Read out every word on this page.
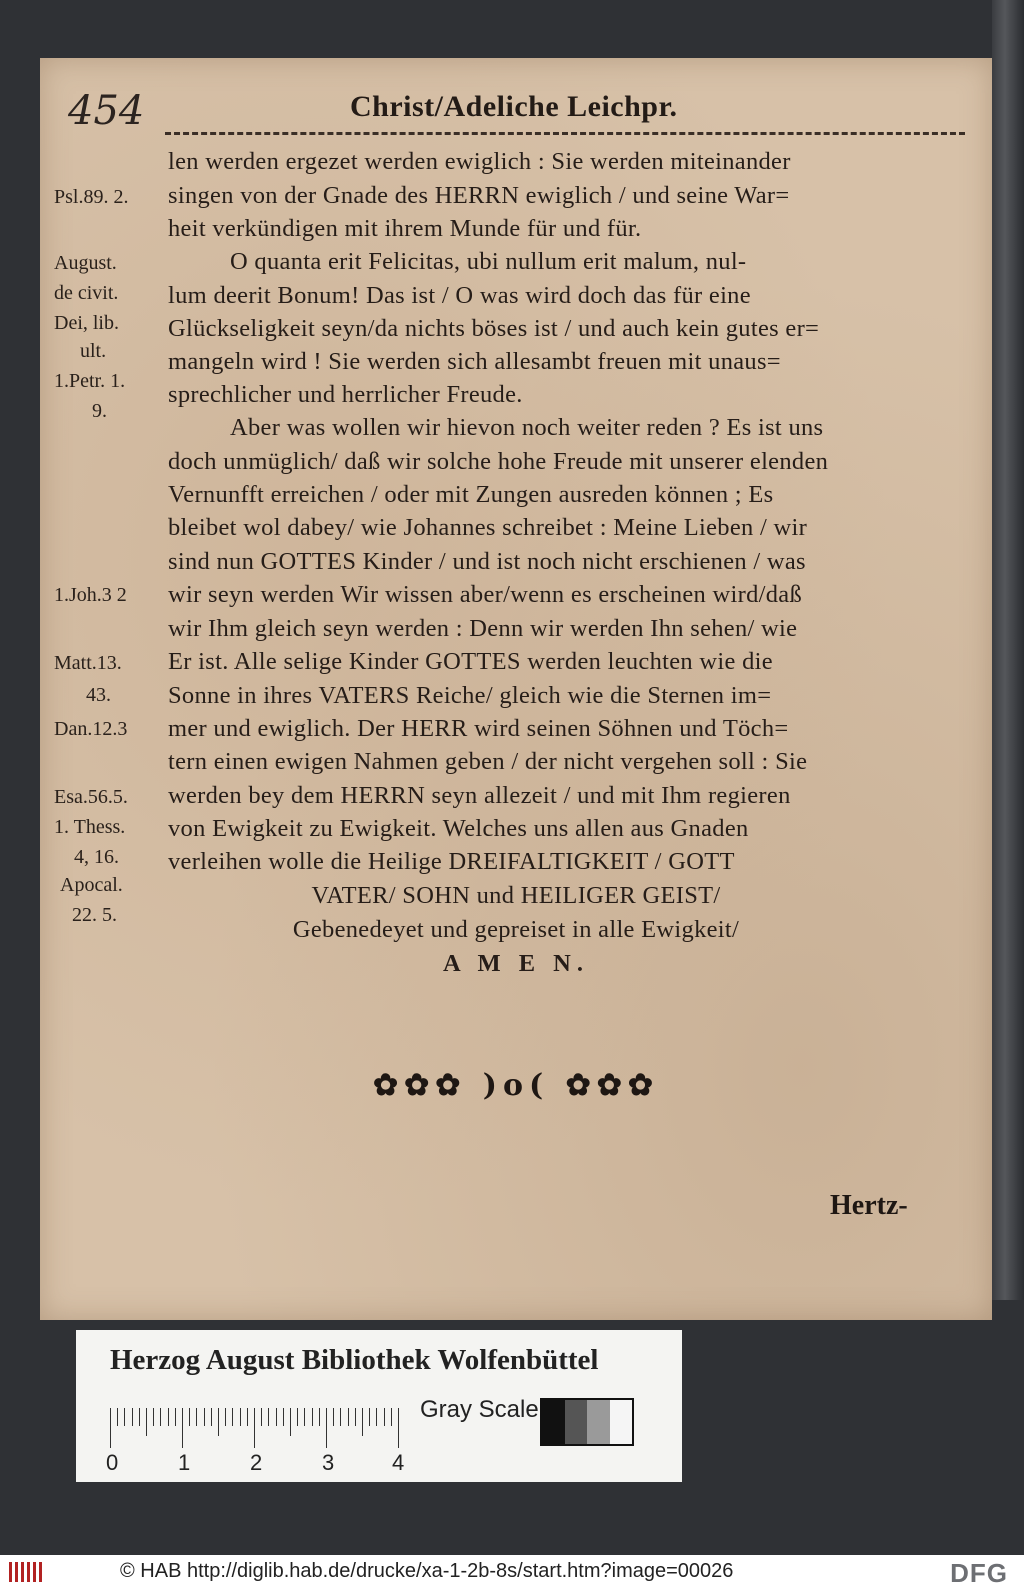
454	Christ/Adeliche Leichpr.
len werden ergezet werden ewiglich : Sie werden miteinander
singen von der Gnade des HERRN ewiglich / und seine War=
heit verkündigen mit ihrem Munde für und für.
O quanta erit Felicitas, ubi nullum erit malum, nul-
lum deerit Bonum! Das ist / O was wird doch das für eine
Glückseligkeit seyn/da nichts böses ist / und auch kein gutes er=
mangeln wird ! Sie werden sich allesambt freuen mit unaus=
sprechlicher und herrlicher Freude.
Aber was wollen wir hievon noch weiter reden ? Es ist uns
doch unmüglich/ daß wir solche hohe Freude mit unserer elenden
Vernunfft erreichen / oder mit Zungen ausreden können ; Es
bleibet wol dabey/ wie Johannes schreibet : Meine Lieben / wir
sind nun GOTTES Kinder / und ist noch nicht erschienen / was
wir seyn werden Wir wissen aber/wenn es erscheinen wird/daß
wir Ihm gleich seyn werden : Denn wir werden Ihn sehen/ wie
Er ist. Alle selige Kinder GOTTES werden leuchten wie die
Sonne in ihres VATERS Reiche/ gleich wie die Sternen im=
mer und ewiglich. Der HERR wird seinen Söhnen und Töch=
tern einen ewigen Nahmen geben / der nicht vergehen soll : Sie
werden bey dem HERRN seyn allezeit / und mit Ihm regieren
von Ewigkeit zu Ewigkeit. Welches uns allen aus Gnaden
verleihen wolle die Heilige DREIFALTIGKEIT / GOTT
VATER/ SOHN und HEILIGER GEIST/
Gebenedeyet und gepreiset in alle Ewigkeit/
A M E N.
Psl.89. 2.
August.
de civit.
Dei, lib.
ult.
1.Petr. 1.
9.
1.Joh.3 2
Matt.13.
43.
Dan.12.3
Esa.56.5.
1. Thess.
4, 16.
Apocal.
22. 5.
✿✿✿ )o( ✿✿✿
Hertz-
Herzog August Bibliothek Wolfenbüttel
0	1	2	3	4
Gray Scale
© HAB http://diglib.hab.de/drucke/xa-1-2b-8s/start.htm?image=00026	DFG
